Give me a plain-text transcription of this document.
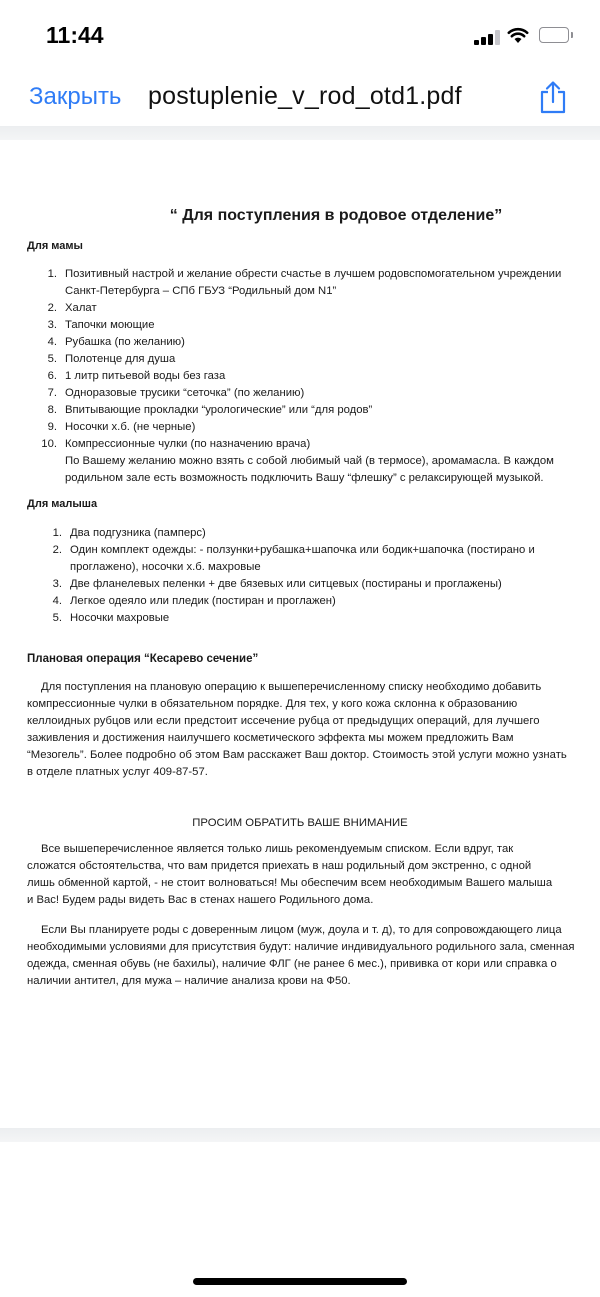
11:44
Закрыть postuplenie_v_rod_otd1.pdf
“ Для поступления в родовое отделение”
Для мамы
1. Позитивный настрой и желание обрести счастье в лучшем родовспомогательном учреждении Санкт-Петербурга – СПб ГБУЗ “Родильный дом N1”
2. Халат
3. Тапочки моющие
4. Рубашка (по желанию)
5. Полотенце для душа
6. 1 литр питьевой воды без газа
7. Одноразовые трусики “сеточка” (по желанию)
8. Впитывающие прокладки “урологические” или “для родов”
9. Носочки х.б. (не черные)
10. Компрессионные чулки (по назначению врача)
По Вашему желанию можно взять с собой любимый чай (в термосе), аромамасла. В каждом родильном зале есть возможность подключить Вашу “флешку” с релаксирующей музыкой.
Для малыша
1. Два подгузника (памперс)
2. Один комплект одежды: - ползунки+рубашка+шапочка или бодик+шапочка (постирано и проглажено), носочки х.б. махровые
3. Две фланелевых пеленки + две бязевых или ситцевых (постираны и проглажены)
4. Легкое одеяло или пледик (постиран и проглажен)
5. Носочки махровые
Плановая операция “Кесарево сечение”
Для поступления на плановую операцию к вышеперечисленному списку необходимо добавить компрессионные чулки в обязательном порядке. Для тех, у кого кожа склонна к образованию келлоидных рубцов или если предстоит иссечение рубца от предыдущих операций, для лучшего заживления и достижения наилучшего косметического эффекта мы можем предложить Вам “Мезогель”. Более подробно об этом Вам расскажет Ваш доктор. Стоимость этой услуги можно узнать в отделе платных услуг 409-87-57.
ПРОСИМ ОБРАТИТЬ ВАШЕ ВНИМАНИЕ
Все вышеперечисленное является только лишь рекомендуемым списком. Если вдруг, так сложатся обстоятельства, что вам придется приехать в наш родильный дом экстренно, с одной лишь обменной картой, - не стоит волноваться! Мы обеспечим всем необходимым Вашего малыша и Вас! Будем рады видеть Вас в стенах нашего Родильного дома.
Если Вы планируете роды с доверенным лицом (муж, доула и т. д), то для сопровождающего лица необходимыми условиями для присутствия будут: наличие индивидуального родильного зала, сменная одежда, сменная обувь (не бахилы), наличие ФЛГ (не ранее 6 мес.), прививка от кори или справка о наличии антител, для мужа – наличие анализа крови на Ф50.
